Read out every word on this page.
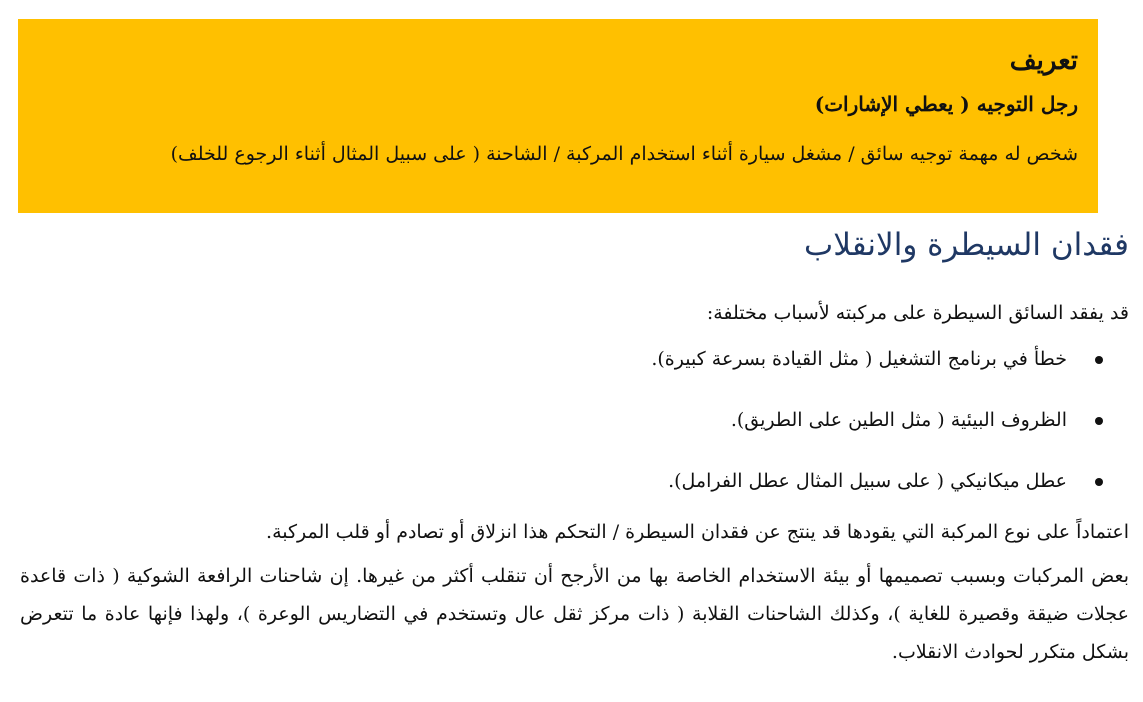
تعريف
رجل التوجيه ( يعطي الإشارات)
شخص له مهمة توجيه سائق / مشغل سيارة أثناء استخدام المركبة / الشاحنة ( على سبيل المثال أثناء الرجوع للخلف)
فقدان السيطرة والانقلاب

قد يفقد السائق السيطرة على مركبته لأسباب مختلفة:

خطأ في برنامج التشغيل ( مثل القيادة بسرعة كبيرة).
الظروف البيئية ( مثل الطين على الطريق).
عطل ميكانيكي ( على سبيل المثال عطل الفرامل).

اعتماداً على نوع المركبة التي يقودها قد ينتج عن فقدان السيطرة / التحكم هذا انزلاق أو تصادم أو قلب المركبة.

بعض المركبات وبسبب تصميمها أو بيئة الاستخدام الخاصة بها من الأرجح أن تنقلب أكثر من غيرها. إن شاحنات الرافعة الشوكية ( ذات قاعدة عجلات ضيقة وقصيرة للغاية )، وكذلك الشاحنات القلابة ( ذات مركز ثقل عال وتستخدم في التضاريس الوعرة )، ولهذا فإنها عادة ما تتعرض بشكل متكرر لحوادث الانقلاب.
